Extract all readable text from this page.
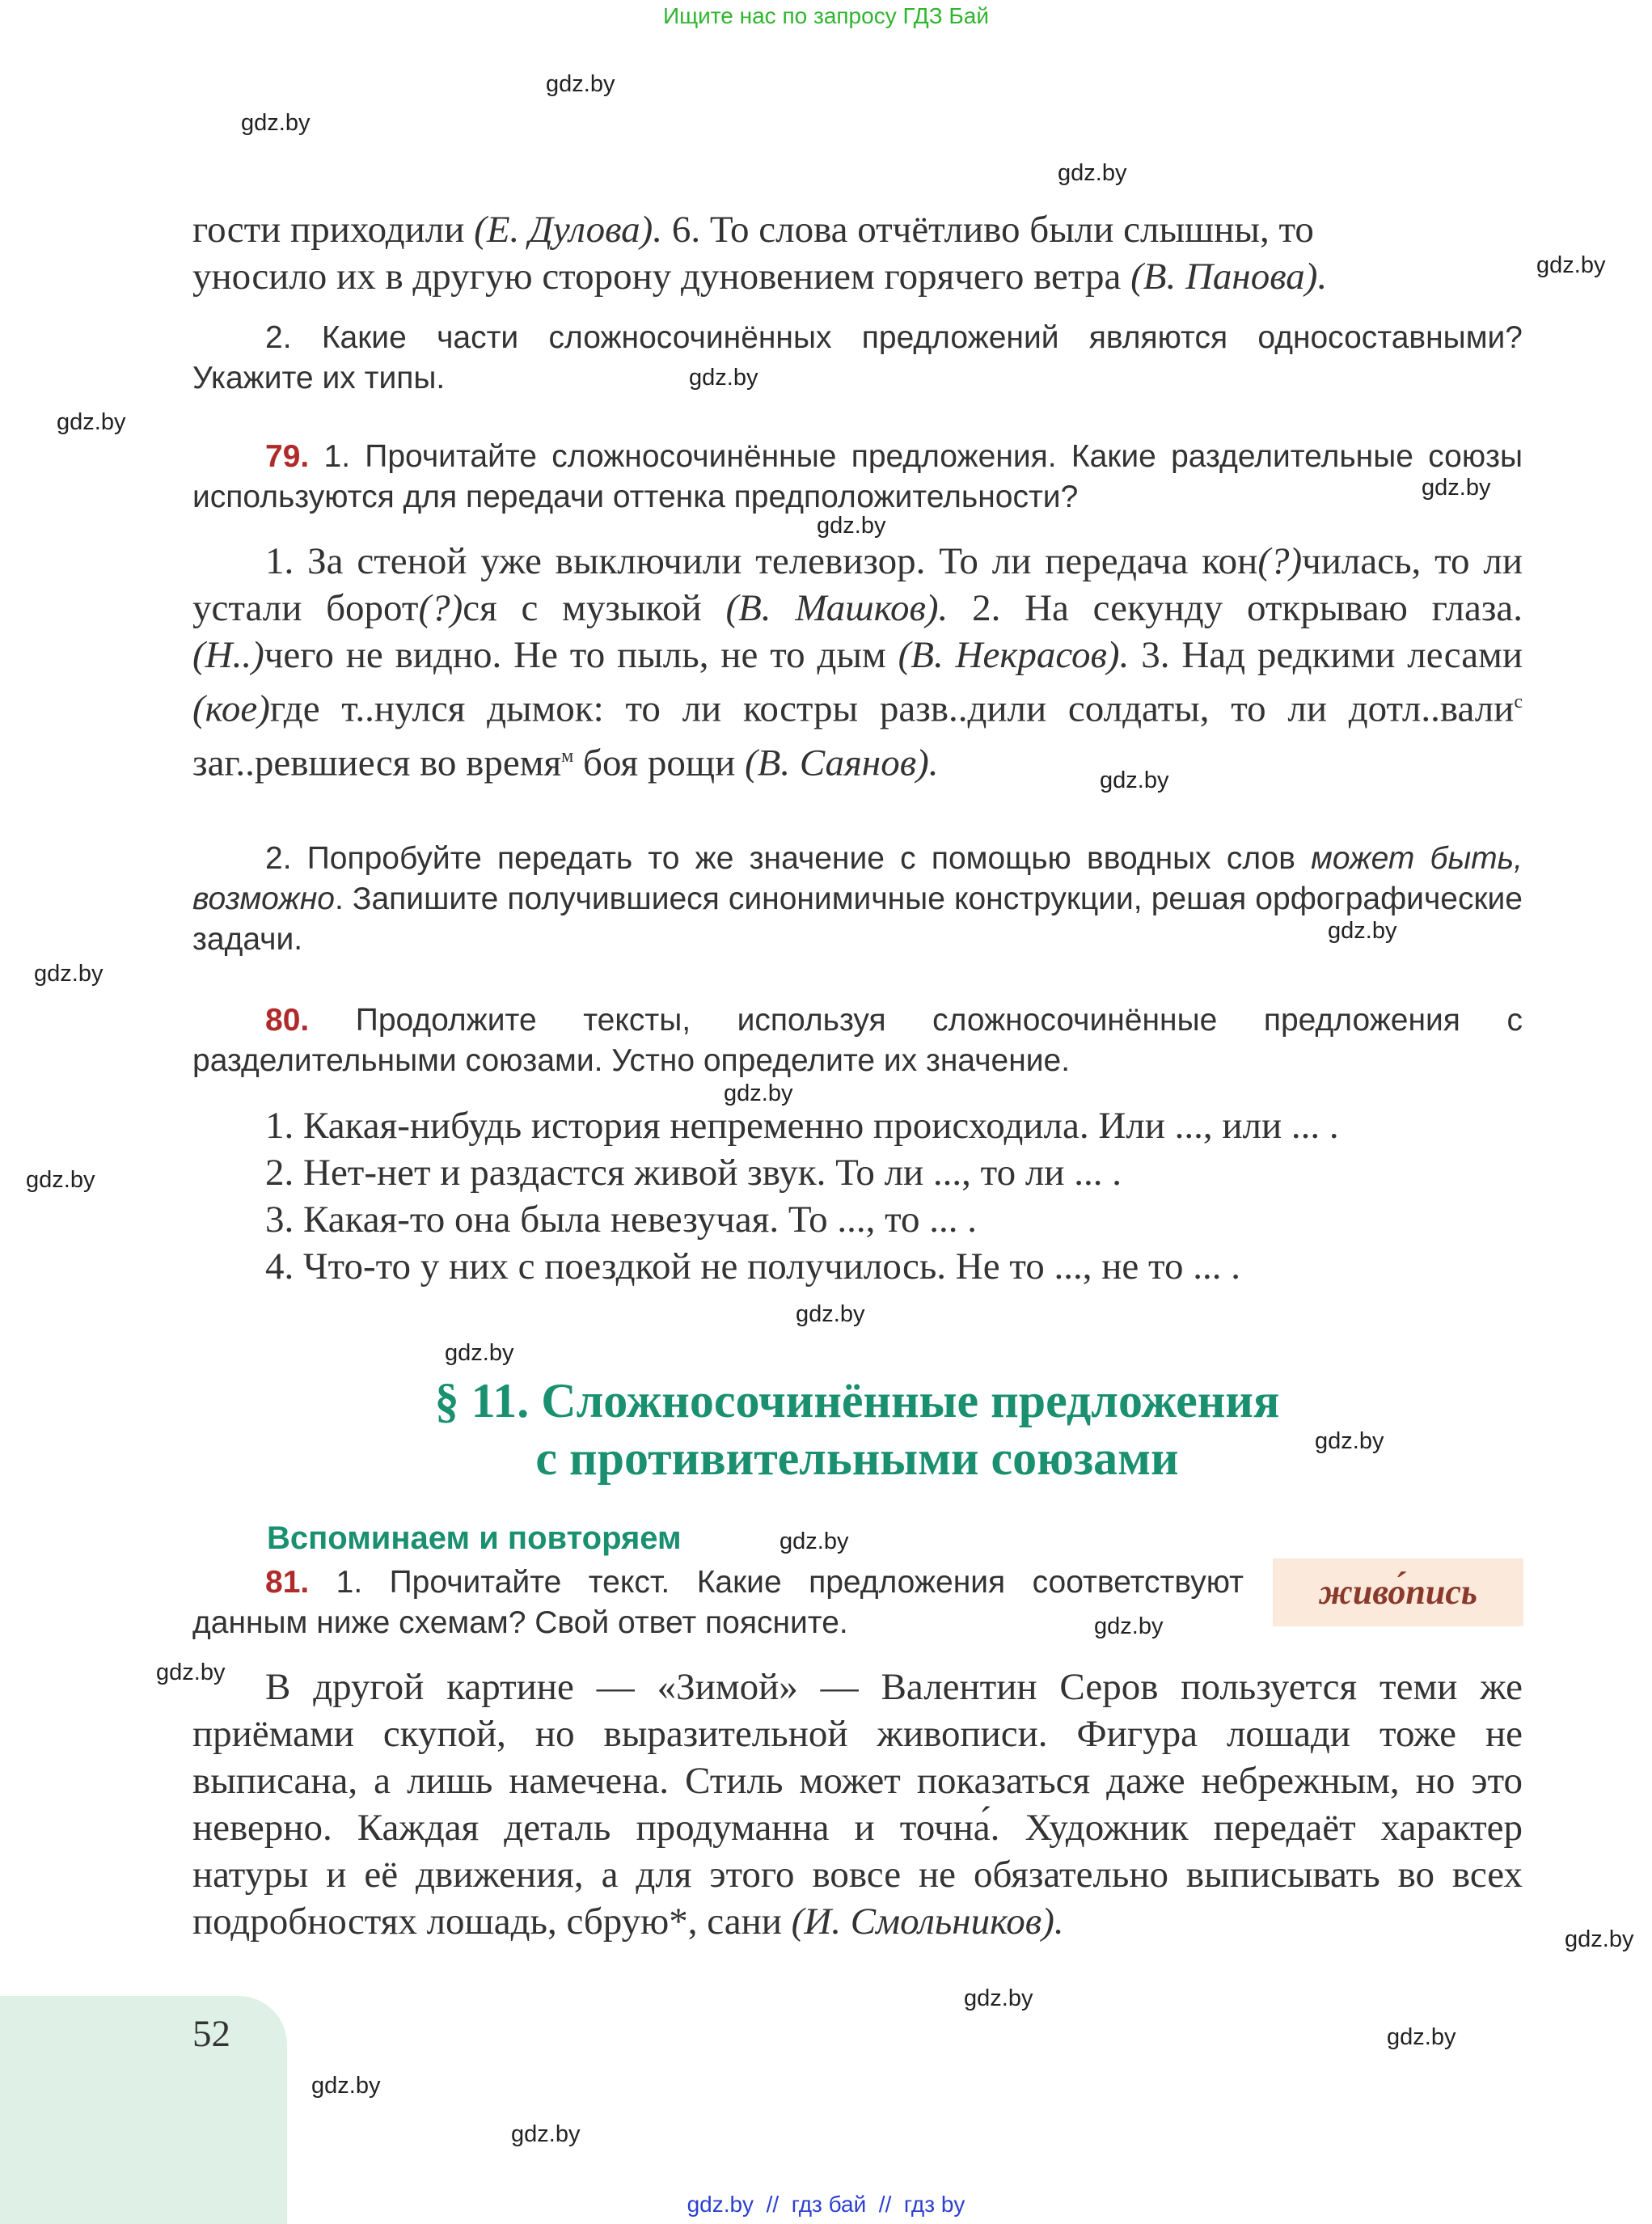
Ищите нас по запросу ГДЗ Бай
gdz.by
gdz.by
gdz.by
gdz.by
gdz.by
gdz.by
gdz.by
gdz.by
gdz.by
gdz.by
gdz.by
gdz.by
gdz.by
gdz.by
gdz.by
gdz.by
gdz.by
gdz.by
gdz.by
gdz.by
gdz.by
gdz.by
gdz.by
gdz.by
гости приходили (Е. Дулова). 6. То слова отчётливо были слышны, то
уносило их в другую сторону дуновением горячего ветра (В. Панова).
2. Какие части сложносочинённых предложений являются односоставными? Укажите их типы.
79. 1. Прочитайте сложносочинённые предложения. Какие разделительные союзы используются для передачи оттенка предположительности?
1. За стеной уже выключили телевизор. То ли передача кон(?)чилась, то ли устали борот(?)ся с музыкой (В. Машков). 2. На секунду открываю глаза. (Н..)чего не видно. Не то пыль, не то дым (В. Некрасов). 3. Над редкими лесами (кое)где т..нулся дымок: то ли костры разв..дили солдаты, то ли дотл..вали$^с$ заг..ревшиеся во время$^м$ боя рощи (В. Саянов).
2. Попробуйте передать то же значение с помощью вводных слов может быть, возможно. Запишите получившиеся синонимичные конструкции, решая орфографические задачи.
80. Продолжите тексты, используя сложносочинённые предложения с разделительными союзами. Устно определите их значение.
1. Какая-нибудь история непременно происходила. Или ..., или ... .
2. Нет-нет и раздастся живой звук. То ли ..., то ли ... .
3. Какая-то она была невезучая. То ..., то ... .
4. Что-то у них с поездкой не получилось. Не то ..., не то ... .
§ 11. Сложносочинённые предложения
с противительными союзами
Вспоминаем и повторяем
81. 1. Прочитайте текст. Какие предложения соответствуют данным ниже схемам? Свой ответ поясните.
живо́пись
В другой картине — «Зимой» — Валентин Серов пользуется теми же приёмами скупой, но выразительной живописи. Фигура лошади тоже не выписана, а лишь намечена. Стиль может показаться даже небрежным, но это неверно. Каждая деталь продуманна и точна́. Художник передаёт характер натуры и её движения, а для этого вовсе не обязательно выписывать во всех подробностях лошадь, сбрую*, сани (И. Смольников).
52
gdz.by  //  гдз бай  //  гдз by
